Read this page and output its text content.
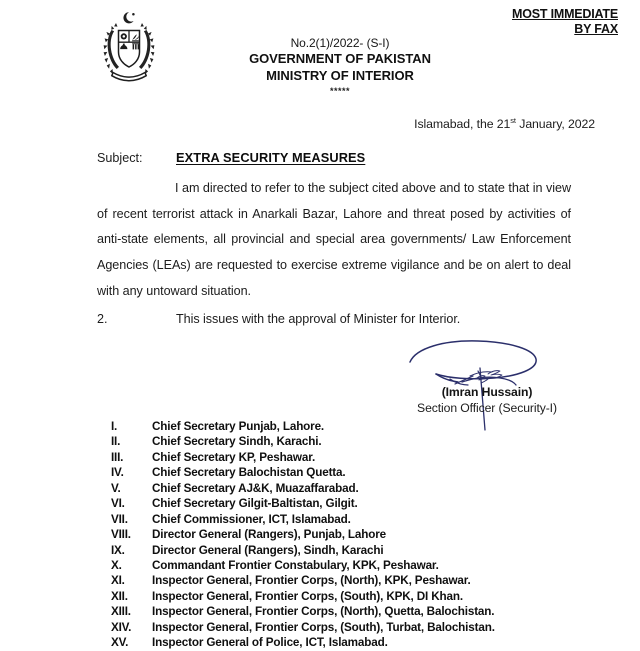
MOST IMMEDIATE
BY FAX
No.2(1)/2022- (S-I)
GOVERNMENT OF PAKISTAN
MINISTRY OF INTERIOR
*****
Islamabad, the 21st January, 2022
Subject:	EXTRA SECURITY MEASURES
I am directed to refer to the subject cited above and to state that in view of recent terrorist attack in Anarkali Bazar, Lahore and threat posed by activities of anti-state elements, all provincial and special area governments/ Law Enforcement Agencies (LEAs) are requested to exercise extreme vigilance and be on alert to deal with any untoward situation.
2.	This issues with the approval of Minister for Interior.
(Imran Hussain)
Section Officer (Security-I)
I.	Chief Secretary Punjab, Lahore.
II.	Chief Secretary Sindh, Karachi.
III.	Chief Secretary KP, Peshawar.
IV.	Chief Secretary Balochistan Quetta.
V.	Chief Secretary AJ&K, Muazaffarabad.
VI.	Chief Secretary Gilgit-Baltistan, Gilgit.
VII.	Chief Commissioner, ICT, Islamabad.
VIII.	Director General (Rangers), Punjab, Lahore
IX.	Director General (Rangers), Sindh, Karachi
X.	Commandant Frontier Constabulary, KPK, Peshawar.
XI.	Inspector General, Frontier Corps, (North), KPK, Peshawar.
XII.	Inspector General, Frontier Corps, (South), KPK, DI Khan.
XIII.	Inspector General, Frontier Corps, (North), Quetta, Balochistan.
XIV.	Inspector General, Frontier Corps, (South), Turbat, Balochistan.
XV.	Inspector General of Police, ICT, Islamabad.
